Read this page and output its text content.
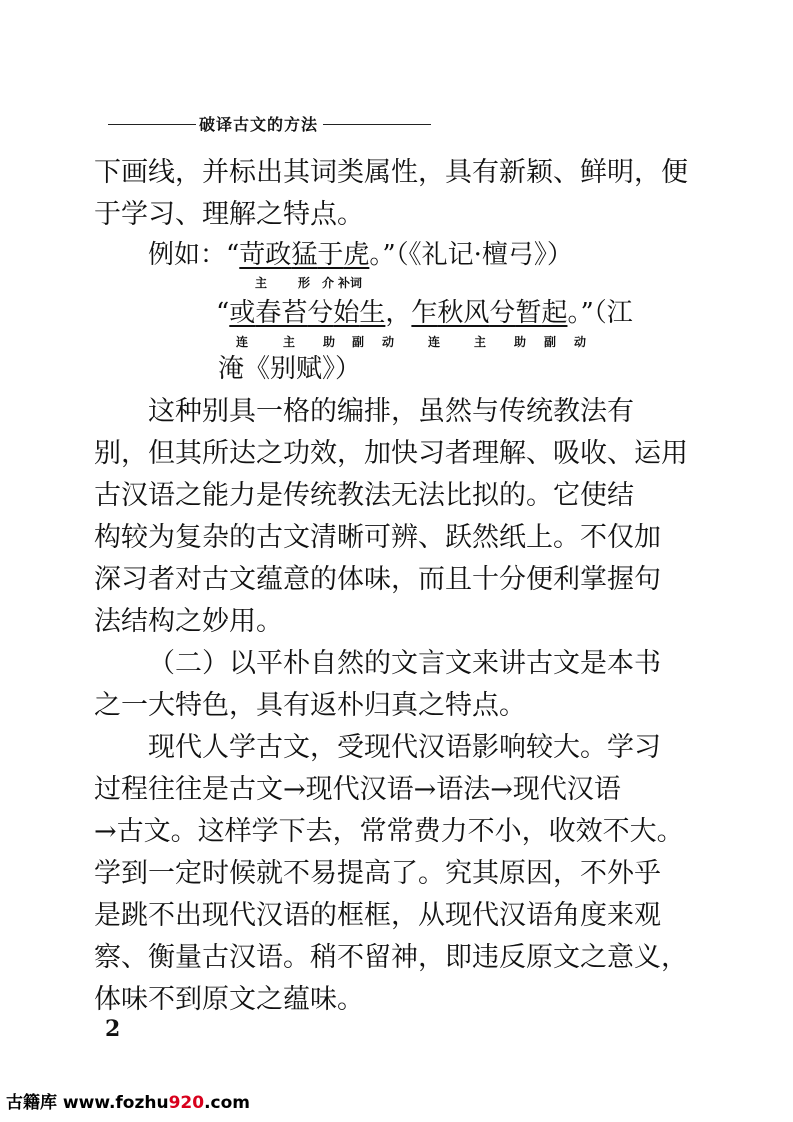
破译古文的方法
下画线，并标出其词类属性，具有新颖、鲜明，便
于学习、理解之特点。
例如：“苛政猛于虎。”（《礼记·檀弓》）
主	形 介 补词
“或春苔兮始生，乍秋风兮暂起。”（江
连	主 助 副 动	连	主 助 副 动
淹《别赋》）
这种别具一格的编排，虽然与传统教法有
别，但其所达之功效，加快习者理解、吸收、运用
古汉语之能力是传统教法无法比拟的。它使结
构较为复杂的古文清晰可辨、跃然纸上。不仅加
深习者对古文蕴意的体味，而且十分便利掌握句
法结构之妙用。
（二）以平朴自然的文言文来讲古文是本书
之一大特色，具有返朴归真之特点。
现代人学古文，受现代汉语影响较大。学习
过程往往是古文→现代汉语→语法→现代汉语
→古文。这样学下去，常常费力不小，收效不大。
学到一定时候就不易提高了。究其原因，不外乎
是跳不出现代汉语的框框，从现代汉语角度来观
察、衡量古汉语。稍不留神，即违反原文之意义，
体味不到原文之蕴味。
2
古籍库 www.fozhu920.com
